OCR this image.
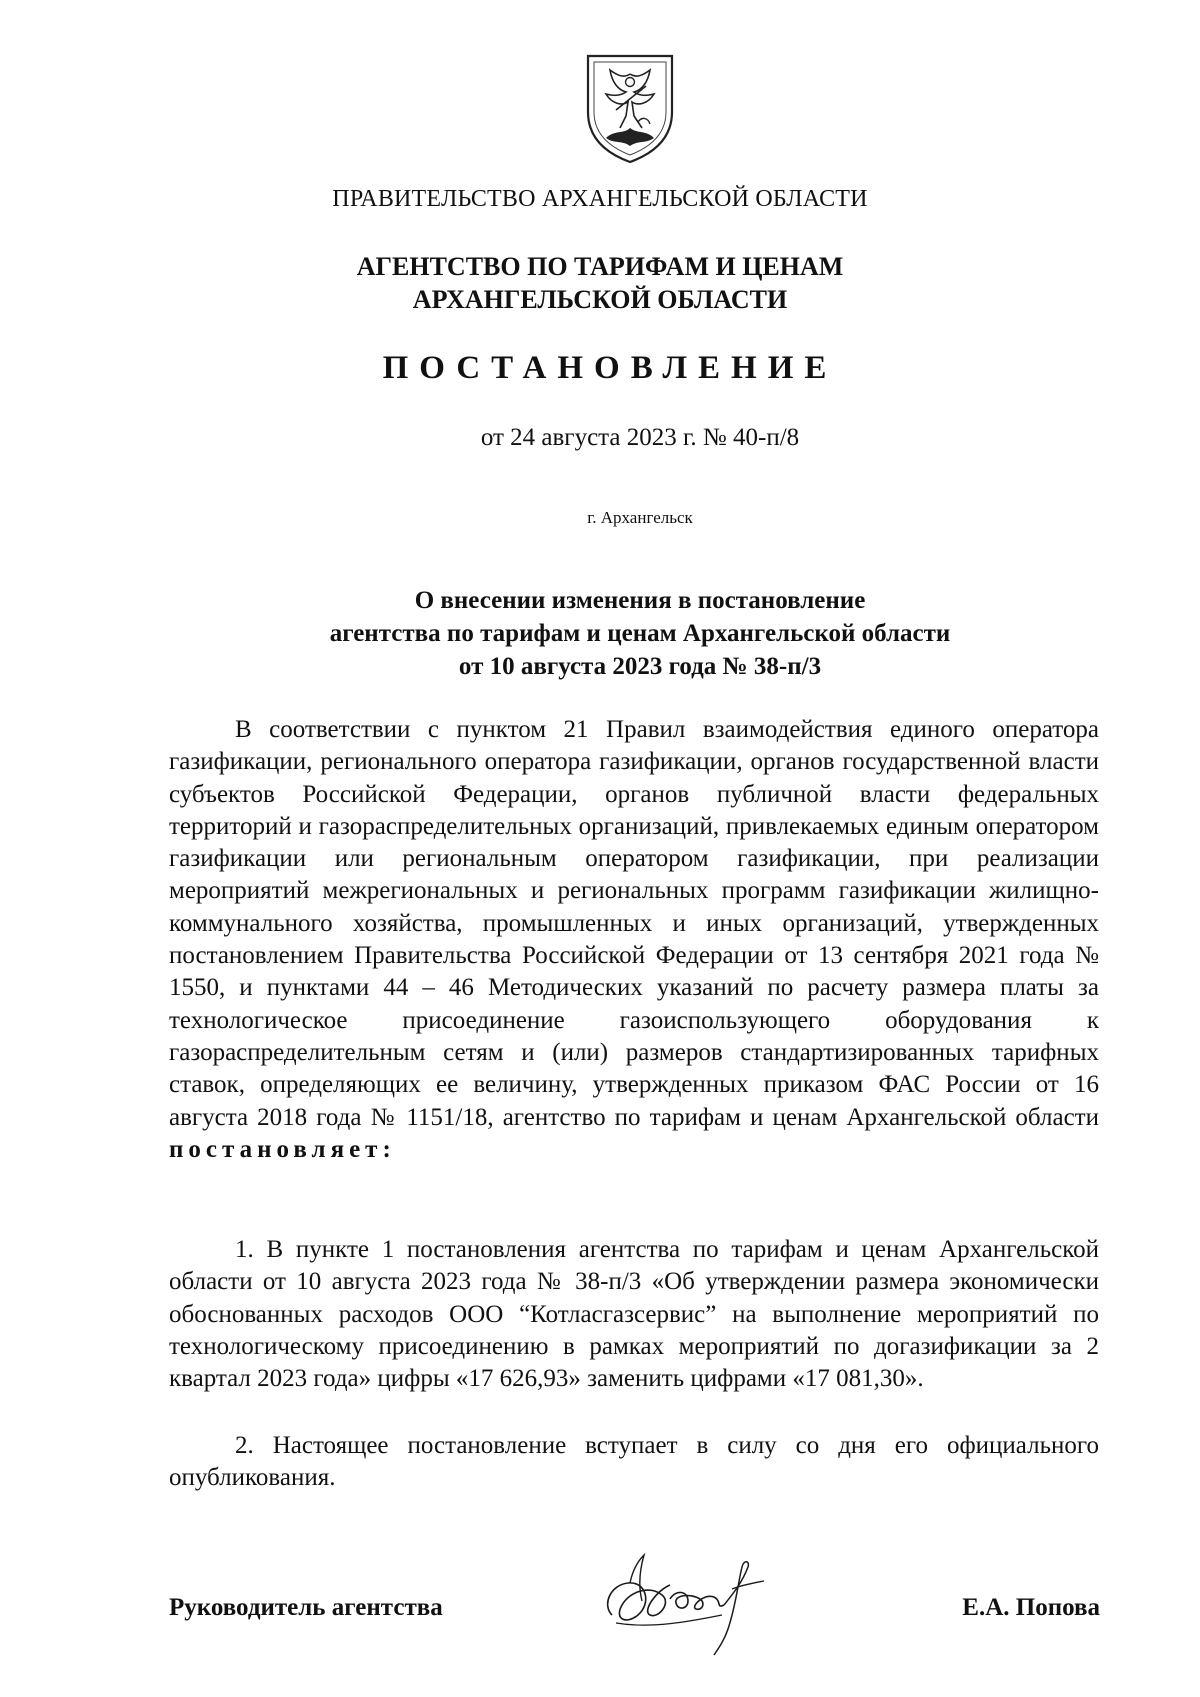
ПРАВИТЕЛЬСТВО АРХАНГЕЛЬСКОЙ ОБЛАСТИ
АГЕНТСТВО ПО ТАРИФАМ И ЦЕНАМ
АРХАНГЕЛЬСКОЙ ОБЛАСТИ
ПОСТАНОВЛЕНИЕ
от 24 августа 2023 г. № 40-п/8
г. Архангельск
О внесении изменения в постановление
агентства по тарифам и ценам Архангельской области
от 10 августа 2023 года № 38-п/3
В соответствии с пунктом 21 Правил взаимодействия единого оператора газификации, регионального оператора газификации, органов государственной власти субъектов Российской Федерации, органов публичной власти федеральных территорий и газораспределительных организаций, привлекаемых единым оператором газификации или региональным оператором газификации, при реализации мероприятий межрегиональных и региональных программ газификации жилищно-коммунального хозяйства, промышленных и иных организаций, утвержденных постановлением Правительства Российской Федерации от 13 сентября 2021 года № 1550, и пунктами 44 – 46 Методических указаний по расчету размера платы за технологическое присоединение газоиспользующего оборудования к газораспределительным сетям и (или) размеров стандартизированных тарифных ставок, определяющих ее величину, утвержденных приказом ФАС России от 16 августа 2018 года № 1151/18, агентство по тарифам и ценам Архангельской области постановляет:
1. В пункте 1 постановления агентства по тарифам и ценам Архангельской области от 10 августа 2023 года № 38-п/3 «Об утверждении размера экономически обоснованных расходов ООО “Котласгазсервис” на выполнение мероприятий по технологическому присоединению в рамках мероприятий по догазификации за 2 квартал 2023 года» цифры «17 626,93» заменить цифрами «17 081,30».
2. Настоящее постановление вступает в силу со дня его официального опубликования.
Руководитель агентства	Е.А. Попова
